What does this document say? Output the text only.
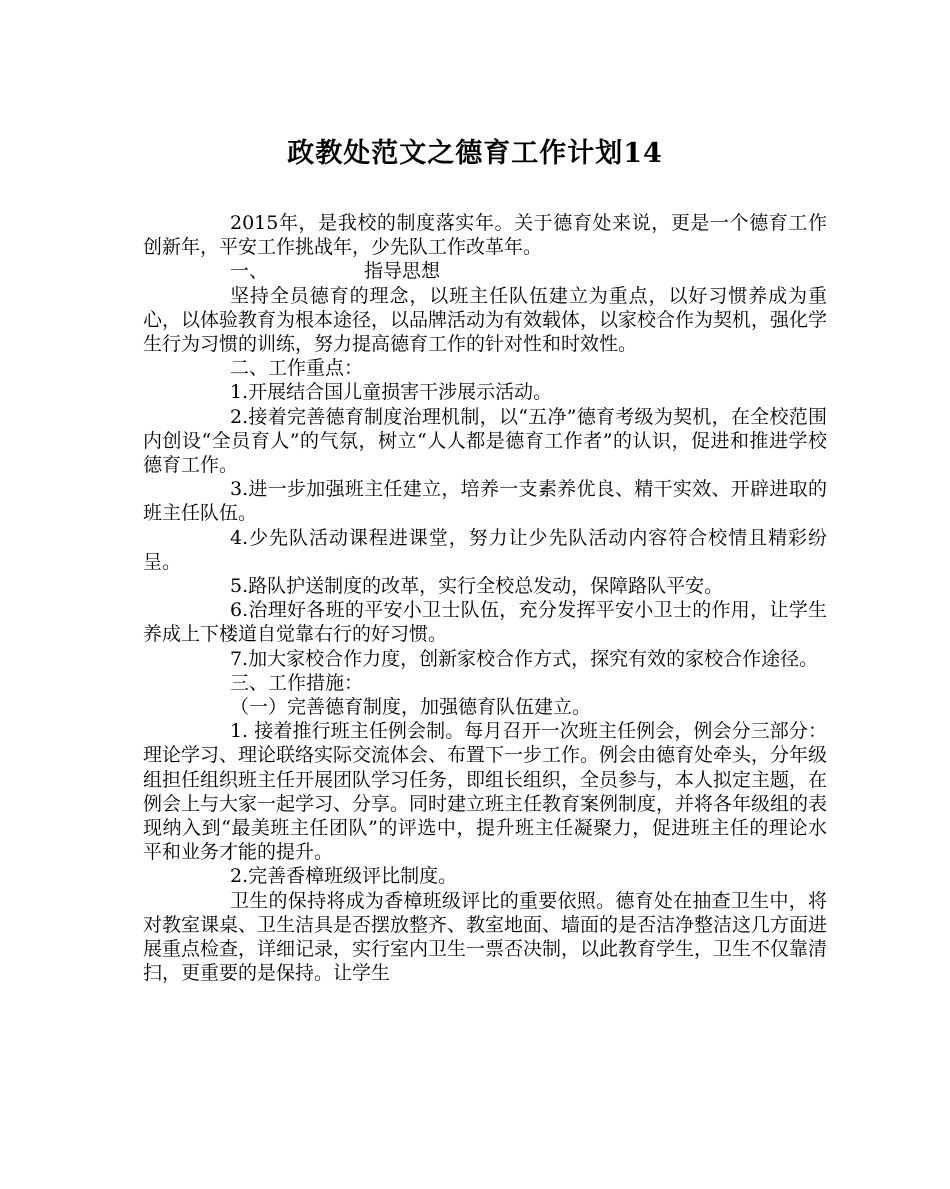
政教处范文之德育工作计划14

2015年，是我校的制度落实年。关于德育处来说，更是一个德育工作创新年，平安工作挑战年，少先队工作改革年。

一、	指导思想

坚持全员德育的理念，以班主任队伍建立为重点，以好习惯养成为重心，以体验教育为根本途径，以品牌活动为有效载体，以家校合作为契机，强化学生行为习惯的训练，努力提高德育工作的针对性和时效性。

二、工作重点：

1.开展结合国儿童损害干涉展示活动。

2.接着完善德育制度治理机制，以“五净”德育考级为契机，在全校范围内创设“全员育人”的气氛，树立“人人都是德育工作者”的认识，促进和推进学校德育工作。

3.进一步加强班主任建立，培养一支素养优良、精干实效、开辟进取的班主任队伍。

4.少先队活动课程进课堂，努力让少先队活动内容符合校情且精彩纷呈。

5.路队护送制度的改革，实行全校总发动，保障路队平安。

6.治理好各班的平安小卫士队伍，充分发挥平安小卫士的作用，让学生养成上下楼道自觉靠右行的好习惯。

7.加大家校合作力度，创新家校合作方式，探究有效的家校合作途径。

三、工作措施：

（一）完善德育制度，加强德育队伍建立。

1. 接着推行班主任例会制。每月召开一次班主任例会，例会分三部分：理论学习、理论联络实际交流体会、布置下一步工作。例会由德育处牵头，分年级组担任组织班主任开展团队学习任务，即组长组织，全员参与，本人拟定主题，在例会上与大家一起学习、分享。同时建立班主任教育案例制度，并将各年级组的表现纳入到“最美班主任团队”的评选中，提升班主任凝聚力，促进班主任的理论水平和业务才能的提升。

2.完善香樟班级评比制度。

卫生的保持将成为香樟班级评比的重要依照。德育处在抽查卫生中，将对教室课桌、卫生洁具是否摆放整齐、教室地面、墙面的是否洁净整洁这几方面进展重点检查，详细记录，实行室内卫生一票否决制，以此教育学生，卫生不仅靠清扫，更重要的是保持。让学生
